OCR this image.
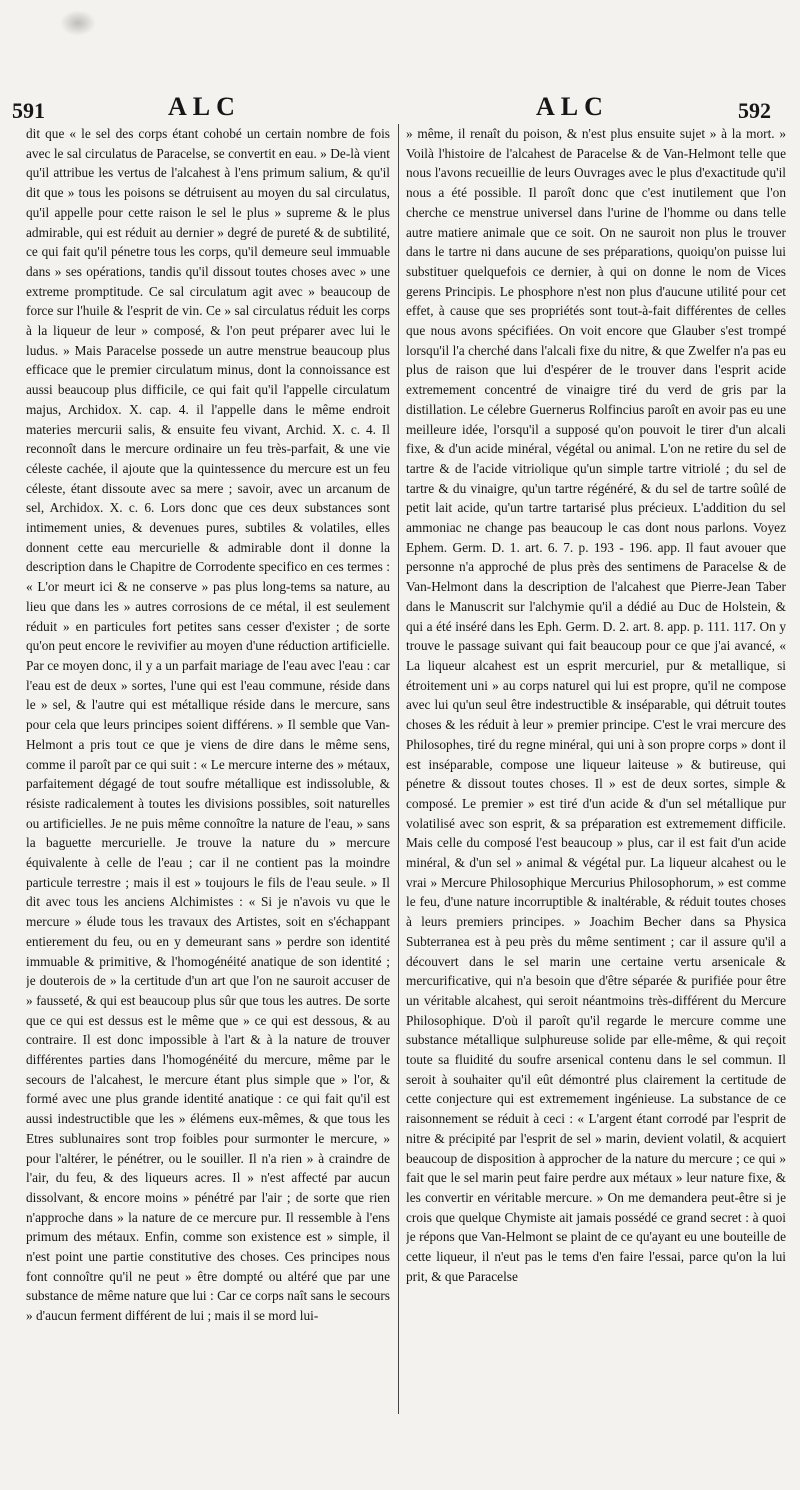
591	ALC	ALC	592

dit que « le sel des corps étant cohobé un certain nombre de fois avec le sal circulatus de Paracelse, se convertit en eau. » De-là vient qu'il attribue les vertus de l'alcahest à l'ens primum salium, & qu'il dit que » tous les poisons se détruisent au moyen du sal circulatus, qu'il appelle pour cette raison le sel le plus » supreme & le plus admirable, qui est réduit au dernier » degré de pureté & de subtilité, ce qui fait qu'il pénetre tous les corps, qu'il demeure seul immuable dans » ses opérations, tandis qu'il dissout toutes choses avec » une extreme promptitude. Ce sal circulatum agit avec » beaucoup de force sur l'huile & l'esprit de vin. Ce » sal circulatus réduit les corps à la liqueur de leur » composé, & l'on peut préparer avec lui le ludus. » Mais Paracelse possede un autre menstrue beaucoup plus efficace que le premier circulatum minus, dont la connoissance est aussi beaucoup plus difficile, ce qui fait qu'il l'appelle circulatum majus, Archidox. X. cap. 4. il l'appelle dans le même endroit materies mercurii salis, & ensuite feu vivant, Archid. X. c. 4. Il reconnoît dans le mercure ordinaire un feu très-parfait, & une vie céleste cachée, il ajoute que la quintessence du mercure est un feu céleste, étant dissoute avec sa mere ; savoir, avec un arcanum de sel, Archidox. X. c. 6. Lors donc que ces deux substances sont intimement unies, & devenues pures, subtiles & volatiles, elles donnent cette eau mercurielle & admirable dont il donne la description dans le Chapitre de Corrodente specifico en ces termes : « L'or meurt ici & ne conserve » pas plus long-tems sa nature, au lieu que dans les » autres corrosions de ce métal, il est seulement réduit » en particules fort petites sans cesser d'exister ; de sorte qu'on peut encore le revivifier au moyen d'une réduction artificielle. Par ce moyen donc, il y a un parfait mariage de l'eau avec l'eau : car l'eau est de deux » sortes, l'une qui est l'eau commune, réside dans le » sel, & l'autre qui est métallique réside dans le mercure, sans pour cela que leurs principes soient différens. » Il semble que Van-Helmont a pris tout ce que je viens de dire dans le même sens, comme il paroît par ce qui suit : « Le mercure interne des » métaux, parfaitement dégagé de tout soufre métallique est indissoluble, & résiste radicalement à toutes les divisions possibles, soit naturelles ou artificielles. Je ne puis même connoître la nature de l'eau, » sans la baguette mercurielle. Je trouve la nature du » mercure équivalente à celle de l'eau ; car il ne contient pas la moindre particule terrestre ; mais il est » toujours le fils de l'eau seule. » Il dit avec tous les anciens Alchimistes : « Si je n'avois vu que le mercure » élude tous les travaux des Artistes, soit en s'échappant entierement du feu, ou en y demeurant sans » perdre son identité immuable & primitive, & l'homogénéité anatique de son identité ; je douterois de » la certitude d'un art que l'on ne sauroit accuser de » fausseté, & qui est beaucoup plus sûr que tous les autres. De sorte que ce qui est dessus est le même que » ce qui est dessous, & au contraire. Il est donc impossible à l'art & à la nature de trouver différentes parties dans l'homogénéité du mercure, même par le secours de l'alcahest, le mercure étant plus simple que » l'or, & formé avec une plus grande identité anatique : ce qui fait qu'il est aussi indestructible que les » élémens eux-mêmes, & que tous les Etres sublunaires sont trop foibles pour surmonter le mercure, » pour l'altérer, le pénétrer, ou le souiller. Il n'a rien » à craindre de l'air, du feu, & des liqueurs acres. Il » n'est affecté par aucun dissolvant, & encore moins » pénétré par l'air ; de sorte que rien n'approche dans » la nature de ce mercure pur. Il ressemble à l'ens primum des métaux. Enfin, comme son existence est » simple, il n'est point une partie constitutive des choses. Ces principes nous font connoître qu'il ne peut » être dompté ou altéré que par une substance de même nature que lui : Car ce corps naît sans le secours » d'aucun ferment différent de lui ; mais il se mord lui-

» même, il renaît du poison, & n'est plus ensuite sujet » à la mort. » Voilà l'histoire de l'alcahest de Paracelse & de Van-Helmont telle que nous l'avons recueillie de leurs Ouvrages avec le plus d'exactitude qu'il nous a été possible. Il paroît donc que c'est inutilement que l'on cherche ce menstrue universel dans l'urine de l'homme ou dans telle autre matiere animale que ce soit. On ne sauroit non plus le trouver dans le tartre ni dans aucune de ses préparations, quoiqu'on puisse lui substituer quelquefois ce dernier, à qui on donne le nom de Vices gerens Principis. Le phosphore n'est non plus d'aucune utilité pour cet effet, à cause que ses propriétés sont tout-à-fait différentes de celles que nous avons spécifiées. On voit encore que Glauber s'est trompé lorsqu'il l'a cherché dans l'alcali fixe du nitre, & que Zwelfer n'a pas eu plus de raison que lui d'espérer de le trouver dans l'esprit acide extremement concentré de vinaigre tiré du verd de gris par la distillation. Le célebre Guernerus Rolfincius paroît en avoir pas eu une meilleure idée, l'orsqu'il a supposé qu'on pouvoit le tirer d'un alcali fixe, & d'un acide minéral, végétal ou animal. L'on ne retire du sel de tartre & de l'acide vitriolique qu'un simple tartre vitriolé ; du sel de tartre & du vinaigre, qu'un tartre régénéré, & du sel de tartre soûlé de petit lait acide, qu'un tartre tartarisé plus précieux. L'addition du sel ammoniac ne change pas beaucoup le cas dont nous parlons. Voyez Ephem. Germ. D. 1. art. 6. 7. p. 193 - 196. app. Il faut avouer que personne n'a approché de plus près des sentimens de Paracelse & de Van-Helmont dans la description de l'alcahest que Pierre-Jean Taber dans le Manuscrit sur l'alchymie qu'il a dédié au Duc de Holstein, & qui a été inséré dans les Eph. Germ. D. 2. art. 8. app. p. 111. 117. On y trouve le passage suivant qui fait beaucoup pour ce que j'ai avancé, « La liqueur alcahest est un esprit mercuriel, pur & metallique, si étroitement uni » au corps naturel qui lui est propre, qu'il ne compose avec lui qu'un seul être indestructible & inséparable, qui détruit toutes choses & les réduit à leur » premier principe. C'est le vrai mercure des Philosophes, tiré du regne minéral, qui uni à son propre corps » dont il est inséparable, compose une liqueur laiteuse » & butireuse, qui pénetre & dissout toutes choses. Il » est de deux sortes, simple & composé. Le premier » est tiré d'un acide & d'un sel métallique pur volatilisé avec son esprit, & sa préparation est extremement difficile. Mais celle du composé l'est beaucoup » plus, car il est fait d'un acide minéral, & d'un sel » animal & végétal pur. La liqueur alcahest ou le vrai » Mercure Philosophique Mercurius Philosophorum, » est comme le feu, d'une nature incorruptible & inaltérable, & réduit toutes choses à leurs premiers principes. » Joachim Becher dans sa Physica Subterranea est à peu près du même sentiment ; car il assure qu'il a découvert dans le sel marin une certaine vertu arsenicale & mercurificative, qui n'a besoin que d'être séparée & purifiée pour être un véritable alcahest, qui seroit néantmoins très-différent du Mercure Philosophique. D'où il paroît qu'il regarde le mercure comme une substance métallique sulphureuse solide par elle-même, & qui reçoit toute sa fluidité du soufre arsenical contenu dans le sel commun. Il seroit à souhaiter qu'il eût démontré plus clairement la certitude de cette conjecture qui est extremement ingénieuse. La substance de ce raisonnement se réduit à ceci : « L'argent étant corrodé par l'esprit de nitre & précipité par l'esprit de sel » marin, devient volatil, & acquiert beaucoup de disposition à approcher de la nature du mercure ; ce qui » fait que le sel marin peut faire perdre aux métaux » leur nature fixe, & les convertir en véritable mercure. » On me demandera peut-être si je crois que quelque Chymiste ait jamais possédé ce grand secret : à quoi je répons que Van-Helmont se plaint de ce qu'ayant eu une bouteille de cette liqueur, il n'eut pas le tems d'en faire l'essai, parce qu'on la lui prit, & que Paracelse
